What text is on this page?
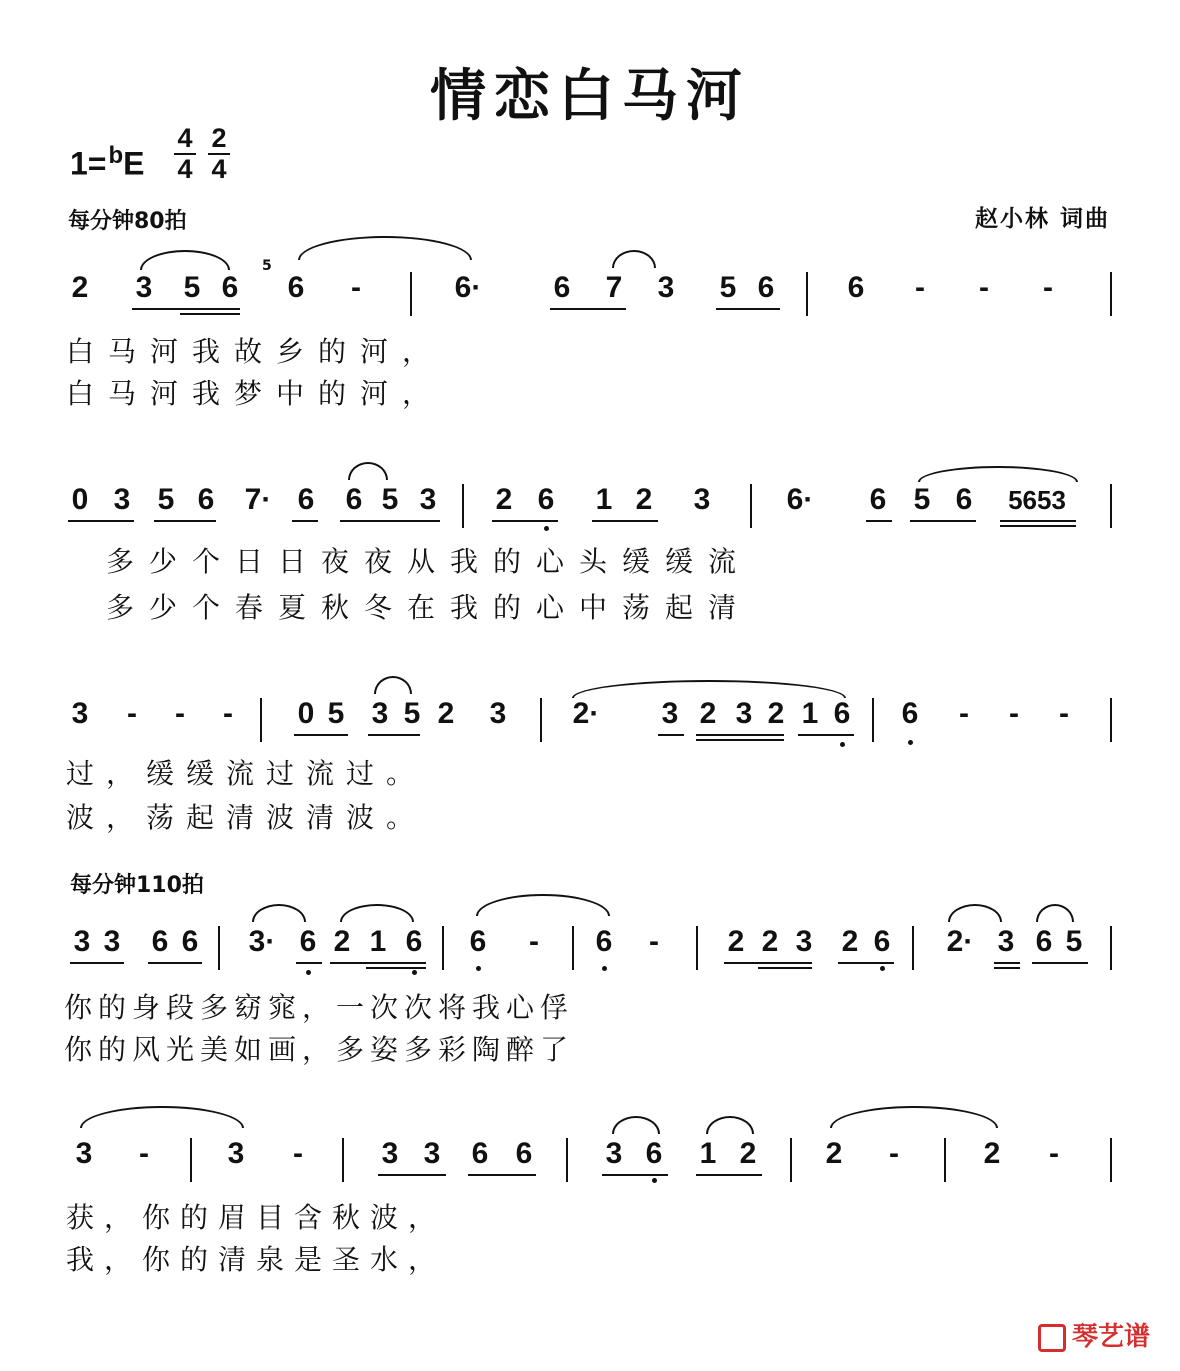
情恋白马河
1=$^b$E
4
4
2
4
每分钟80拍	赵小林 词曲
2 3 5 6
5
6	-	6· 6 7 3 5 6 6	-	-	-
白马河我故乡的河，
白马河我梦中的河，
0 3 5 6 7· 6 6 5 3 2 6 1 2 3	6· 6 5 6	5653
多少个日日夜夜从我的心头缓缓流
多少个春夏秋冬在我的心中荡起清
3	-	-	-	0 5 3 5 2 3 2· 3 2 3 2 1 6 6	-	-	-
过，缓缓流过流过。
波，荡起清波清波。
每分钟110拍
3 3 6 6 3· 6 2 1 6 6	-	6	-	2 2 3 2 6 2· 3 6 5
你的身段多窈窕，一次次将我心俘
你的风光美如画，多姿多彩陶醉了
3	-	3	-	3 3 6 6 3 6 1 2 2	-	2	-
获，你的眉目含秋波，
我，你的清泉是圣水，
琴艺谱
